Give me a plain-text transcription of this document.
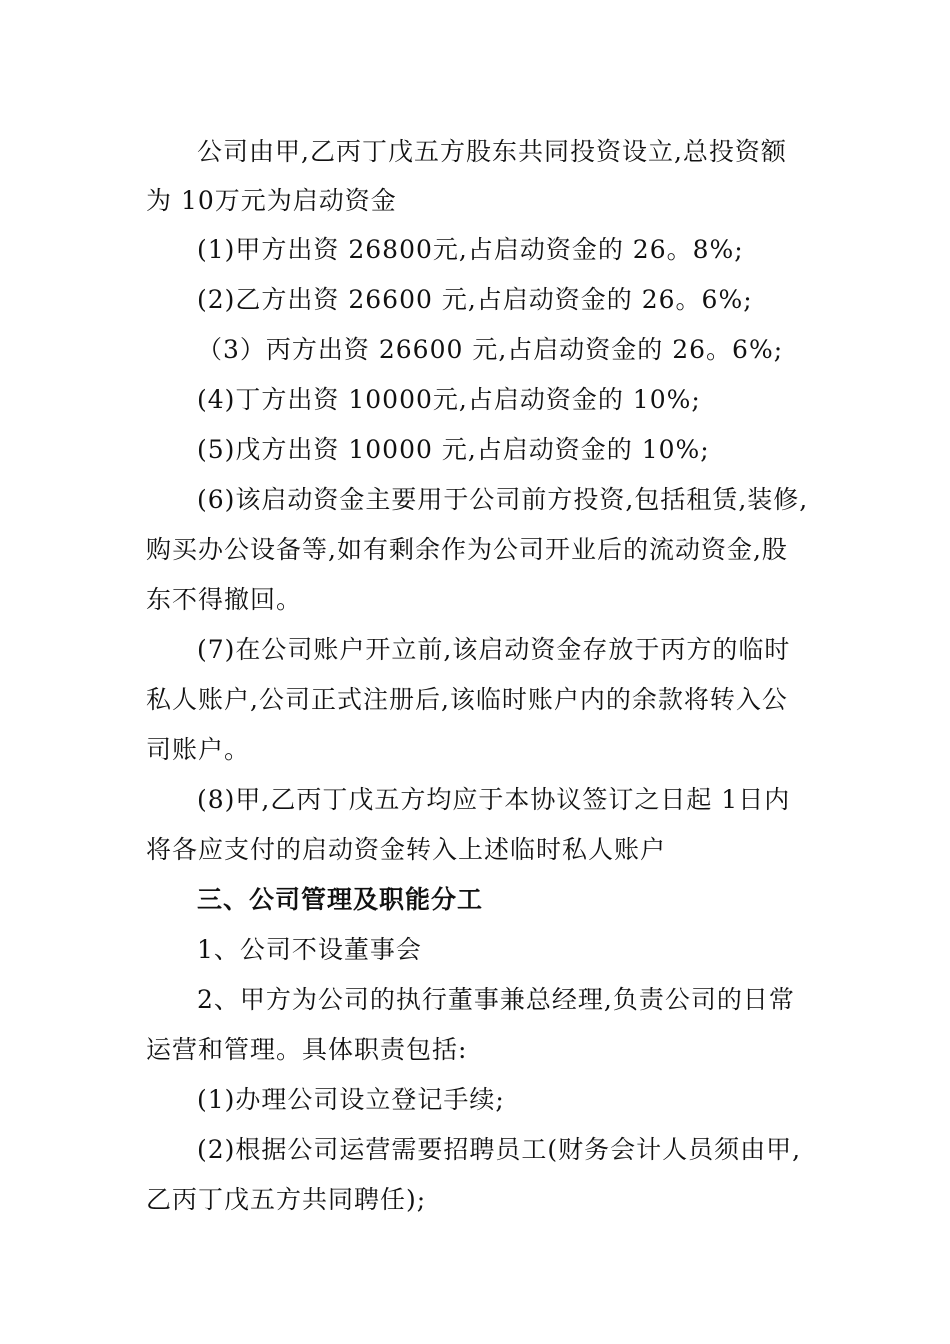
公司由甲,乙丙丁戊五方股东共同投资设立,总投资额
为 10万元为启动资金
(1)甲方出资 26800元,占启动资金的 26。8%;
(2)乙方出资 26600 元,占启动资金的 26。6%;
（3）丙方出资 26600 元,占启动资金的 26。6%;
(4)丁方出资 10000元,占启动资金的 10%;
(5)戊方出资 10000 元,占启动资金的 10%;
(6)该启动资金主要用于公司前方投资,包括租赁,装修,
购买办公设备等,如有剩余作为公司开业后的流动资金,股
东不得撤回。
(7)在公司账户开立前,该启动资金存放于丙方的临时
私人账户,公司正式注册后,该临时账户内的余款将转入公
司账户。
(8)甲,乙丙丁戊五方均应于本协议签订之日起 1日内
将各应支付的启动资金转入上述临时私人账户
三、公司管理及职能分工
1、公司不设董事会
2、甲方为公司的执行董事兼总经理,负责公司的日常
运营和管理。具体职责包括:
(1)办理公司设立登记手续;
(2)根据公司运营需要招聘员工(财务会计人员须由甲,
乙丙丁戊五方共同聘任);
